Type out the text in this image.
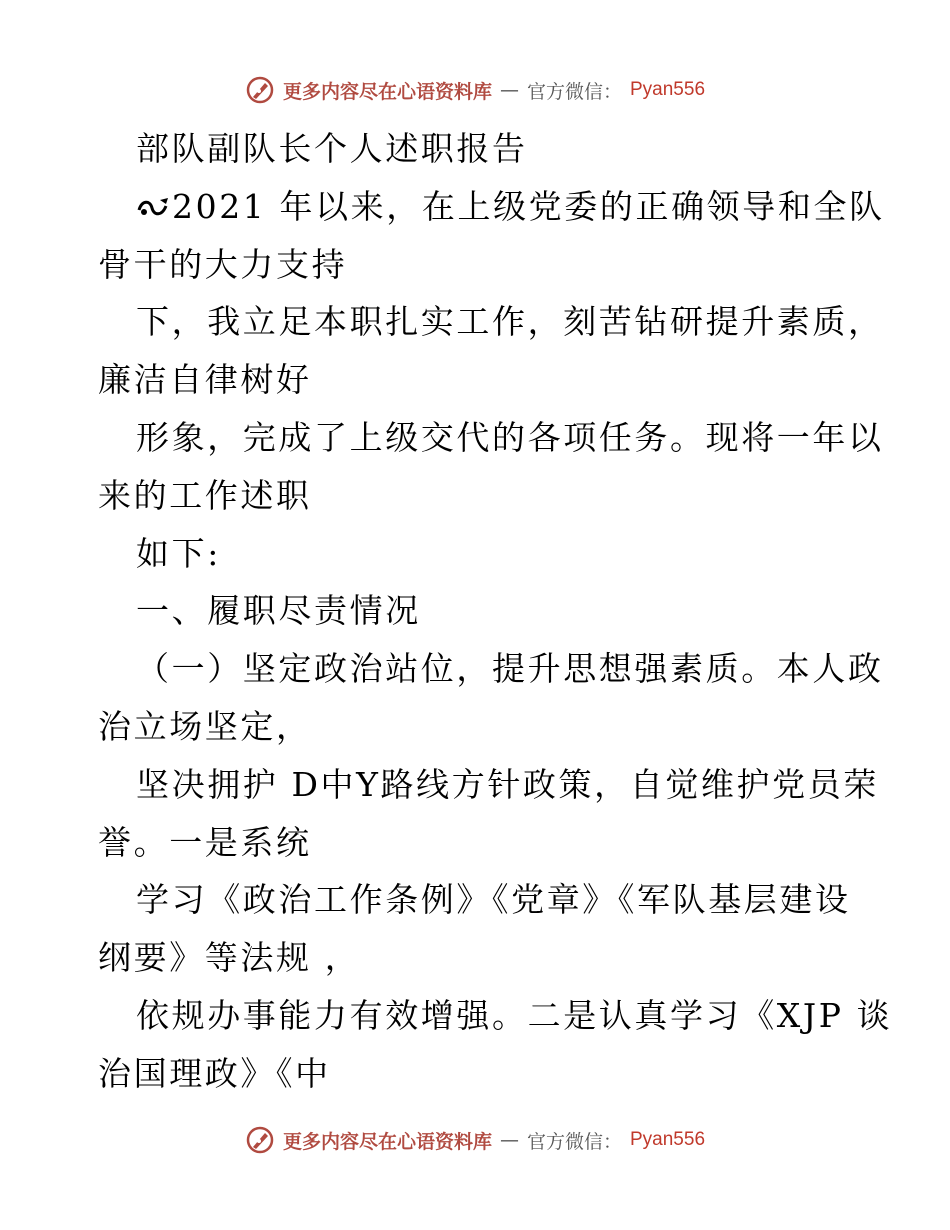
更多内容尽在心语资料库 — 官方微信： Pyan556
部队副队长个人述职报告
2021 年以来，在上级党委的正确领导和全队
骨干的大力支持
下，我立足本职扎实工作，刻苦钻研提升素质，
廉洁自律树好
形象，完成了上级交代的各项任务。现将一年以
来的工作述职
如下:
一、履职尽责情况
（一）坚定政治站位，提升思想强素质。本人政
治立场坚定，
坚决拥护 D中Y路线方针政策，自觉维护党员荣
誉。一是系统
学习《政治工作条例》《党章》《军队基层建设
纲要》等法规 ，
依规办事能力有效增强。二是认真学习《XJP 谈
治国理政》《中
更多内容尽在心语资料库 — 官方微信： Pyan556
